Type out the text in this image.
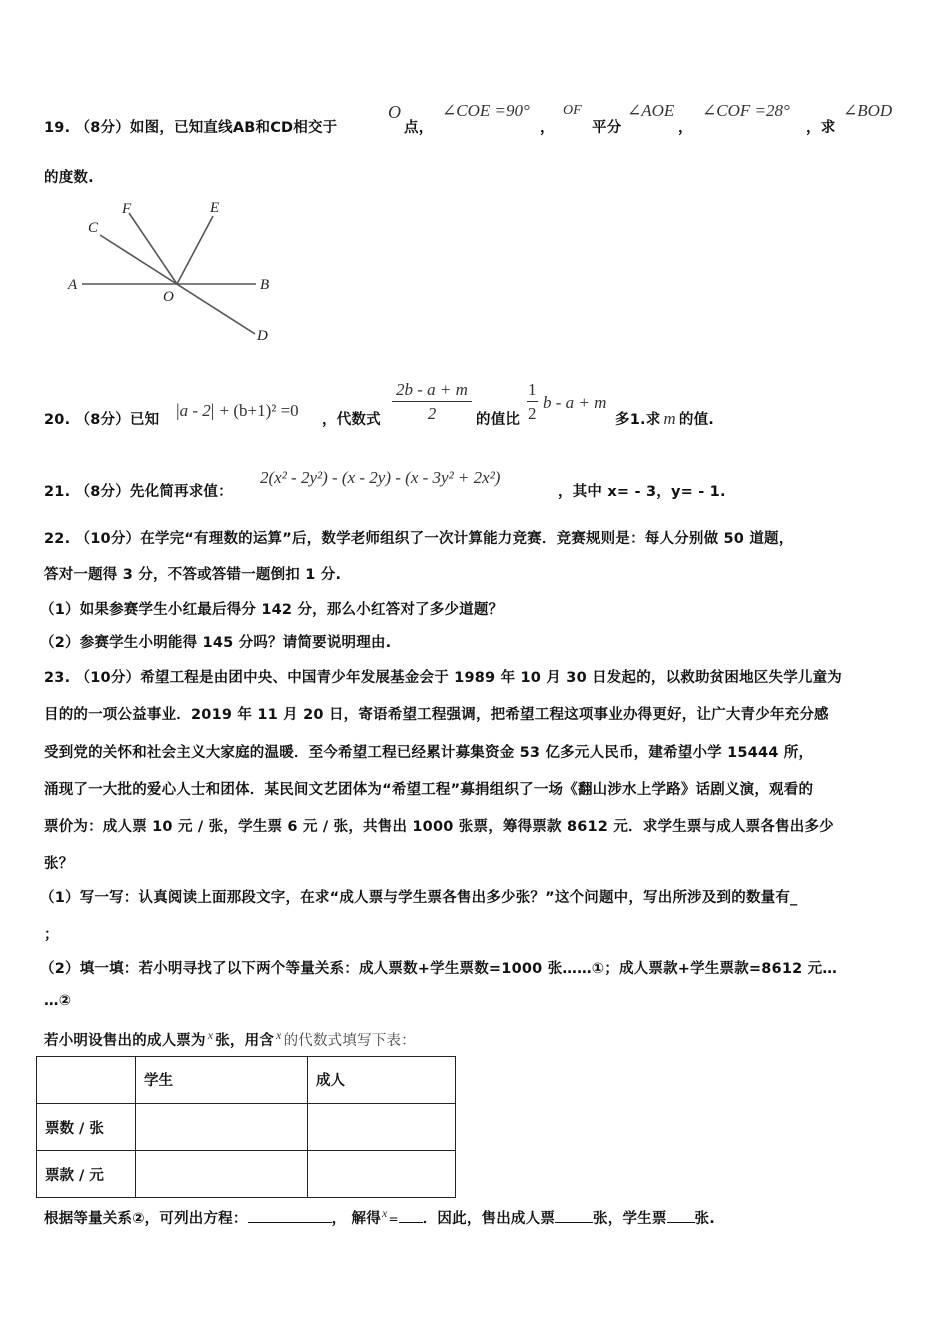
19. （8分）如图，已知直线AB和CD相交于
O
点，
∠COE =90°
，
OF
平分
∠AOE
，
∠COF =28°
，求
∠BOD
的度数.
A	B
C
D
E
F
O
20. （8分）已知 |a - 2| + (b+1)² =0 ，代数式 $\frac{2b - a + m}{2}$ 的值比 $\frac{1}{2}$ b - a + m
多1.求 m 的值.
21. （8分）先化简再求值：
2(x² - 2y²) - (x - 2y) - (x - 3y² + 2x²)
，其中 x= - 3，y= - 1.
22. （10分）在学完“有理数的运算”后，数学老师组织了一次计算能力竞赛．竞赛规则是：每人分别做 50 道题，
答对一题得 3 分，不答或答错一题倒扣 1 分.
（1）如果参赛学生小红最后得分 142 分，那么小红答对了多少道题？
（2）参赛学生小明能得 145 分吗？请简要说明理由.
23. （10分）希望工程是由团中央、中国青少年发展基金会于 1989 年 10 月 30 日发起的，以救助贫困地区失学儿童为
目的的一项公益事业．2019 年 11 月 20 日，寄语希望工程强调，把希望工程这项事业办得更好，让广大青少年充分感
受到党的关怀和社会主义大家庭的温暖．至今希望工程已经累计募集资金 53 亿多元人民币，建希望小学 15444 所，
涌现了一大批的爱心人士和团体．某民间文艺团体为“希望工程”募捐组织了一场《翻山涉水上学路》话剧义演，观看的
票价为：成人票 10 元 / 张，学生票 6 元 / 张，共售出 1000 张票，筹得票款 8612 元．求学生票与成人票各售出多少
张？
（1）写一写：认真阅读上面那段文字，在求“成人票与学生票各售出多少张？”这个问题中，写出所涉及到的数量有_
；
（2）填一填：若小明寻找了以下两个等量关系：成人票数+学生票数=1000 张……①；成人票款+学生票款=8612 元…
…②
若小明设售出的成人票为 $^x$ 张，用含 $^x$ 的代数式填写下表：
	学生	成人
票数 / 张		
票款 / 元		
根据等量关系②，可列出方程：	， 解得$^x$= ．因此，售出成人票	张，学生票 张.
